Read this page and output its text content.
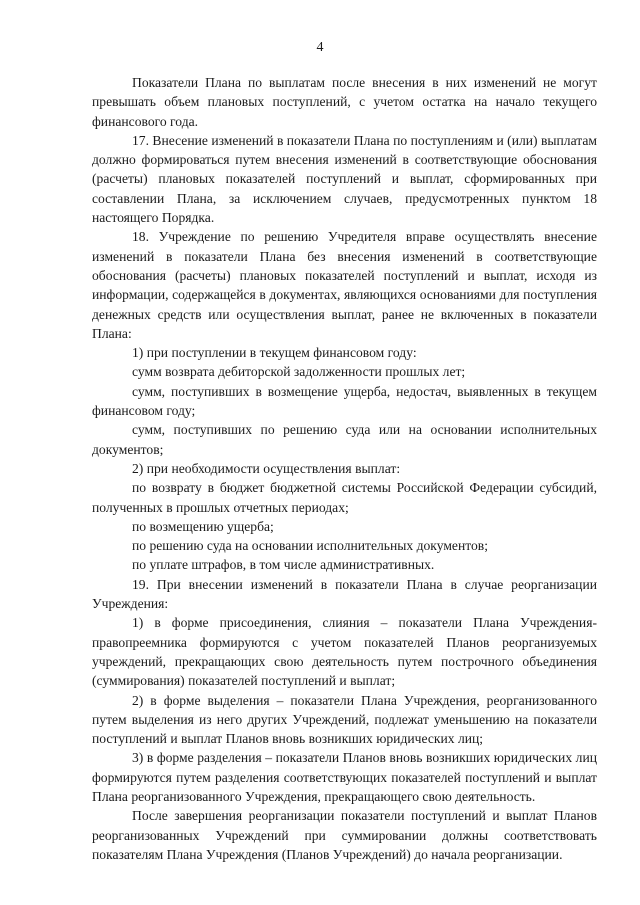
4

Показатели Плана по выплатам после внесения в них изменений не могут превышать объем плановых поступлений, с учетом остатка на начало текущего финансового года.

17. Внесение изменений в показатели Плана по поступлениям и (или) выплатам должно формироваться путем внесения изменений в соответствующие обоснования (расчеты) плановых показателей поступлений и выплат, сформированных при составлении Плана, за исключением случаев, предусмотренных пунктом 18 настоящего Порядка.

18. Учреждение по решению Учредителя вправе осуществлять внесение изменений в показатели Плана без внесения изменений в соответствующие обоснования (расчеты) плановых показателей поступлений и выплат, исходя из информации, содержащейся в документах, являющихся основаниями для поступления денежных средств или осуществления выплат, ранее не включенных в показатели Плана:

1) при поступлении в текущем финансовом году:

сумм возврата дебиторской задолженности прошлых лет;

сумм, поступивших в возмещение ущерба, недостач, выявленных в текущем финансовом году;

сумм, поступивших по решению суда или на основании исполнительных документов;

2) при необходимости осуществления выплат:

по возврату в бюджет бюджетной системы Российской Федерации субсидий, полученных в прошлых отчетных периодах;

по возмещению ущерба;

по решению суда на основании исполнительных документов;

по уплате штрафов, в том числе административных.

19. При внесении изменений в показатели Плана в случае реорганизации Учреждения:

1) в форме присоединения, слияния – показатели Плана Учреждения-правопреемника формируются с учетом показателей Планов реорганизуемых учреждений, прекращающих свою деятельность путем построчного объединения (суммирования) показателей поступлений и выплат;

2) в форме выделения – показатели Плана Учреждения, реорганизованного путем выделения из него других Учреждений, подлежат уменьшению на показатели поступлений и выплат Планов вновь возникших юридических лиц;

3) в форме разделения – показатели Планов вновь возникших юридических лиц формируются путем разделения соответствующих показателей поступлений и выплат Плана реорганизованного Учреждения, прекращающего свою деятельность.

После завершения реорганизации показатели поступлений и выплат Планов реорганизованных Учреждений при суммировании должны соответствовать показателям Плана Учреждения (Планов Учреждений) до начала реорганизации.
